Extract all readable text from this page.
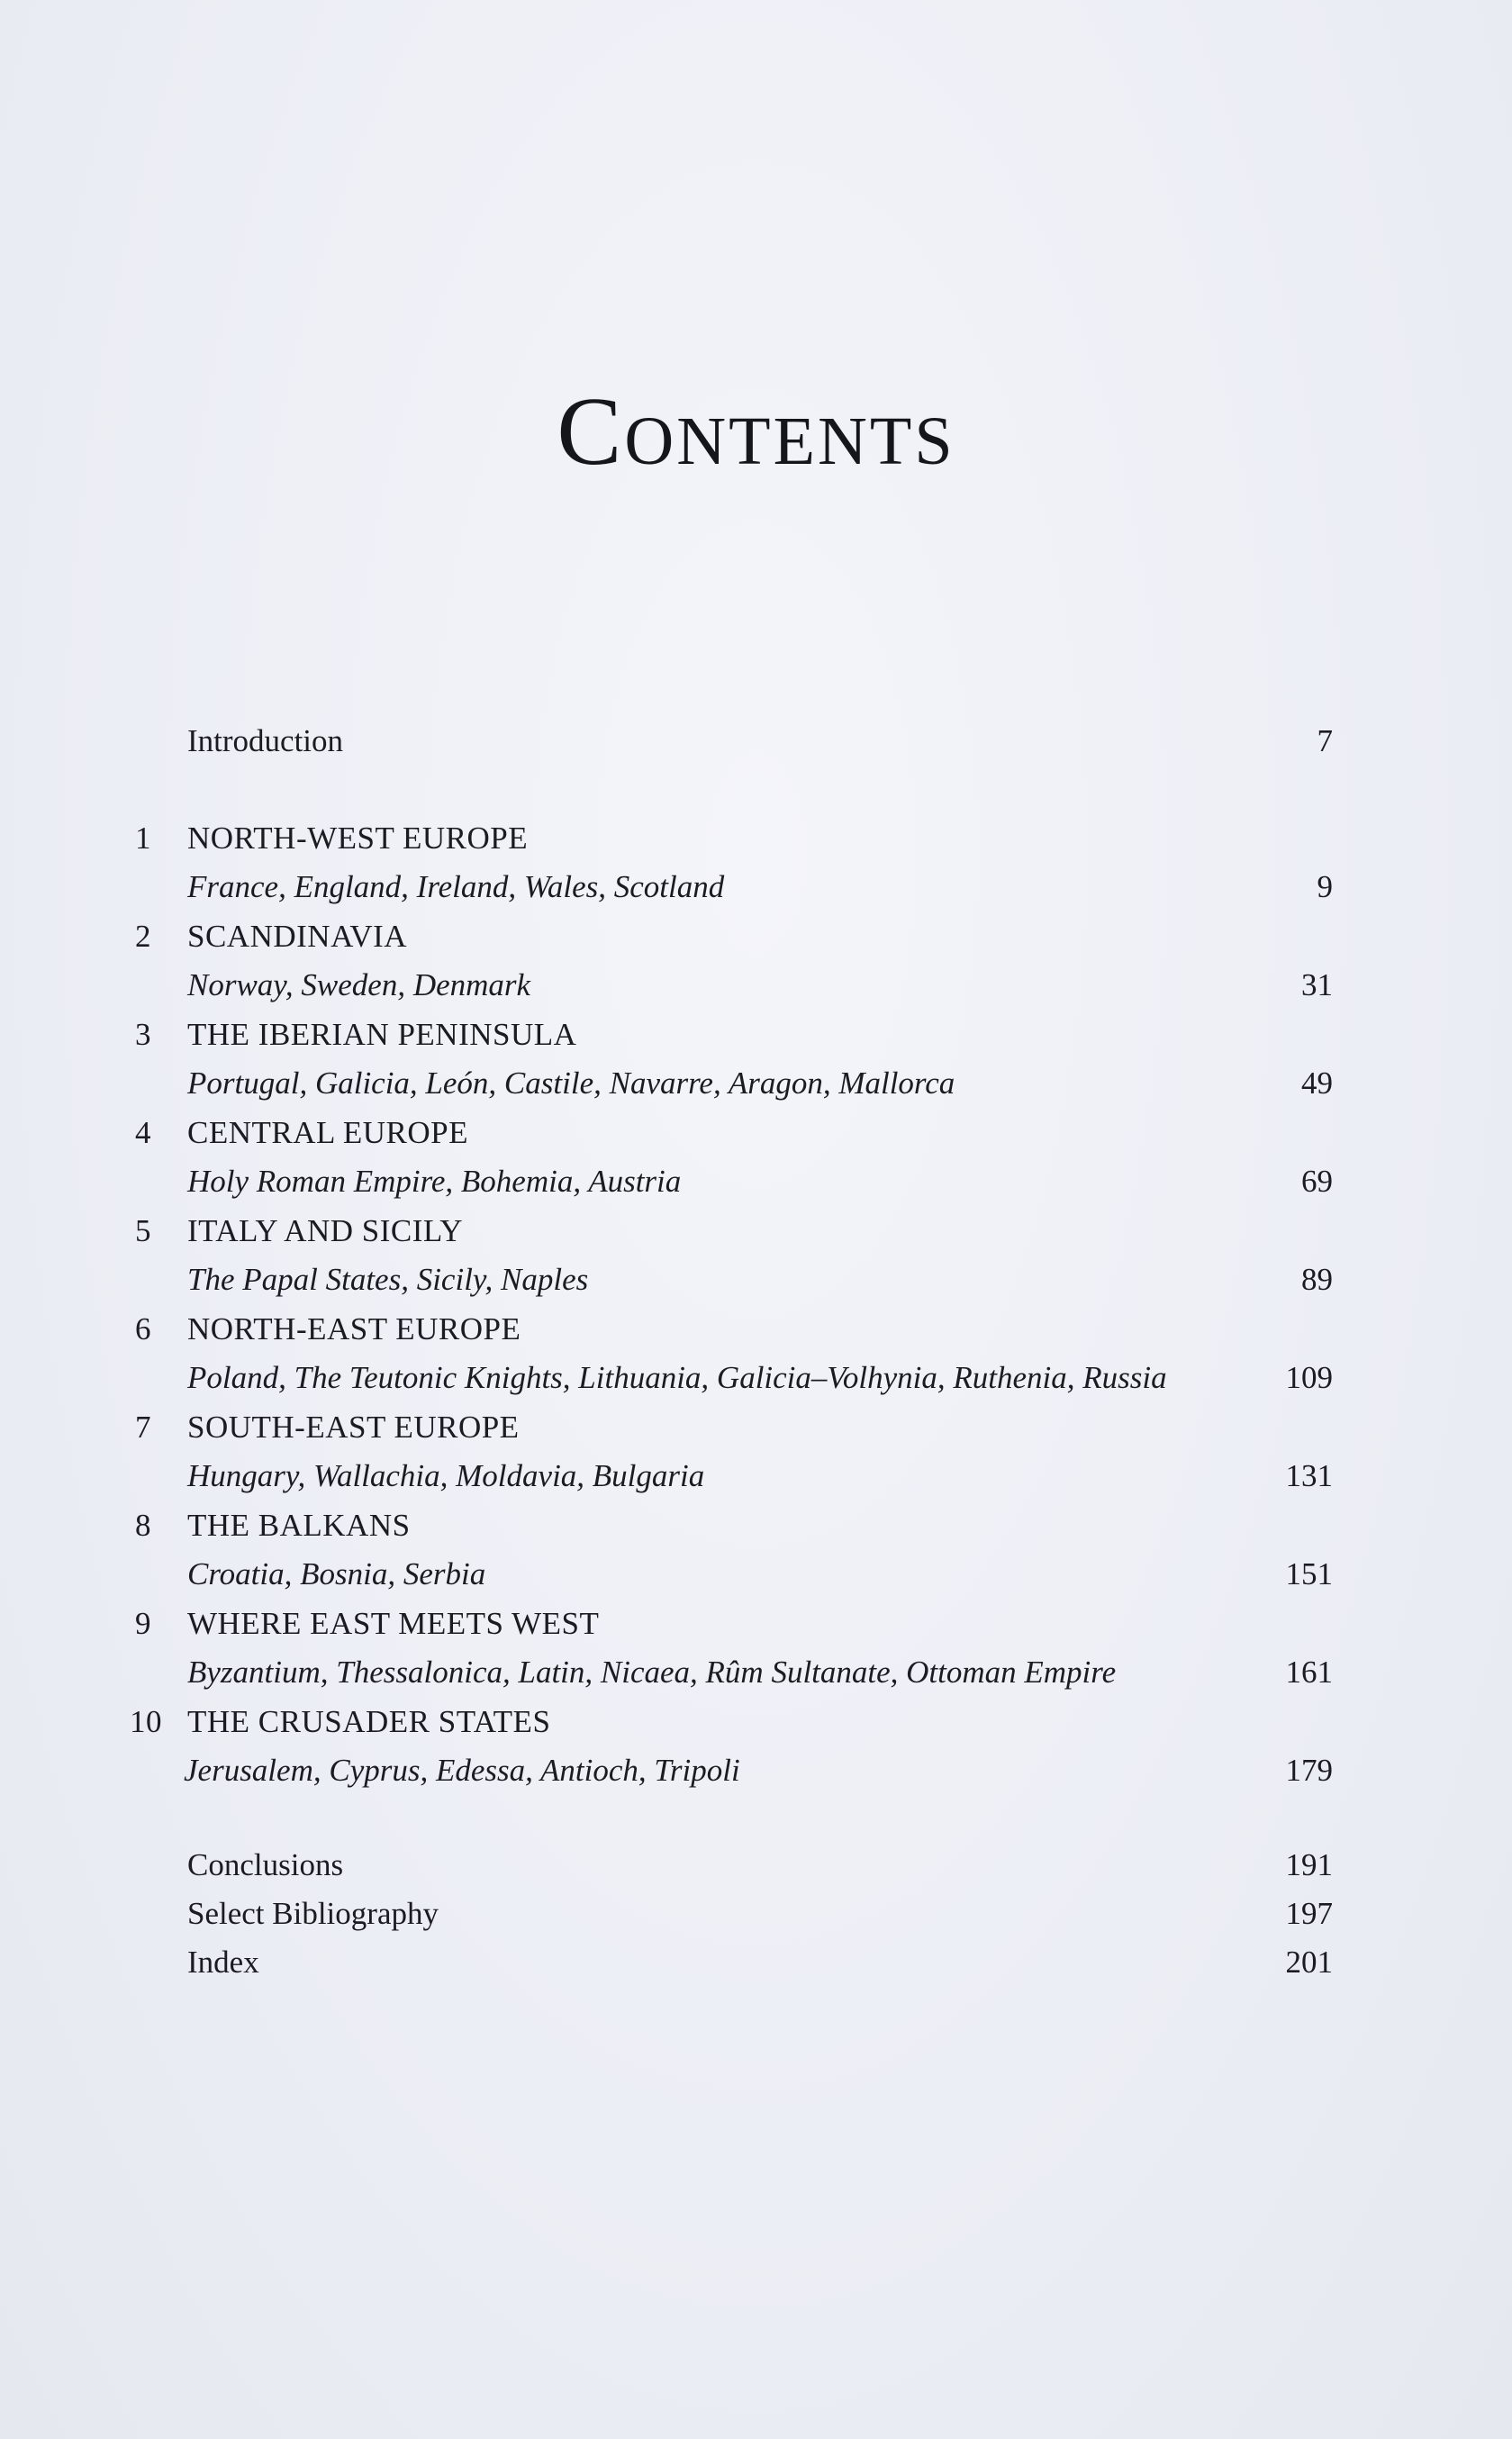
Contents
Introduction	7
1	NORTH-WEST EUROPE
France, England, Ireland, Wales, Scotland	9
2	SCANDINAVIA
Norway, Sweden, Denmark	31
3	THE IBERIAN PENINSULA
Portugal, Galicia, León, Castile, Navarre, Aragon, Mallorca	49
4	CENTRAL EUROPE
Holy Roman Empire, Bohemia, Austria	69
5	ITALY AND SICILY
The Papal States, Sicily, Naples	89
6	NORTH-EAST EUROPE
Poland, The Teutonic Knights, Lithuania, Galicia–Volhynia, Ruthenia, Russia	109
7	SOUTH-EAST EUROPE
Hungary, Wallachia, Moldavia, Bulgaria	131
8	THE BALKANS
Croatia, Bosnia, Serbia	151
9	WHERE EAST MEETS WEST
Byzantium, Thessalonica, Latin, Nicaea, Rûm Sultanate, Ottoman Empire	161
10 THE CRUSADER STATES
Jerusalem, Cyprus, Edessa, Antioch, Tripoli	179
Conclusions	191
Select Bibliography	197
Index	201
